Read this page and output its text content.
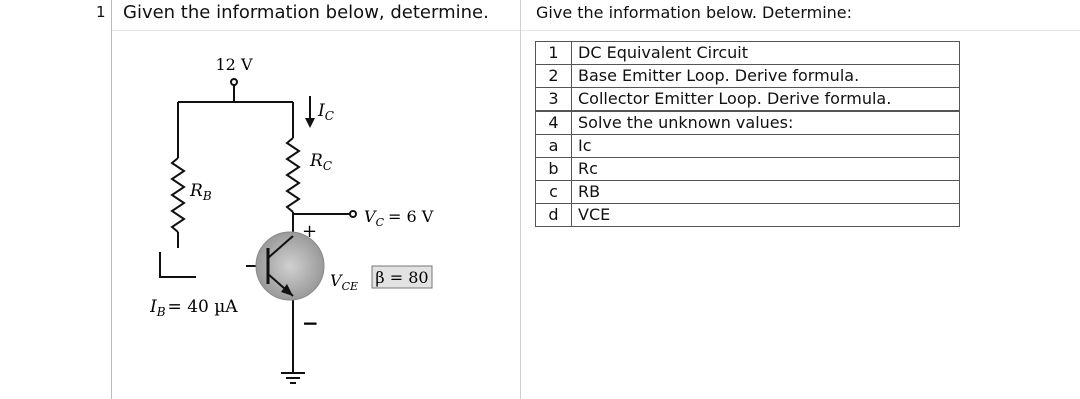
1 Given the information below, determine.	Give the information below. Determine:
1	DC Equivalent Circuit
2	Base Emitter Loop. Derive formula.
3	Collector Emitter Loop. Derive formula.
4	Solve the unknown values:
a	Ic
b	Rc
c	RB
d	VCE
12 V
$I_C$
$R_C$
$R_B$
$V_C = 6$ V
+
−
$V_{CE}$ β = 80
$I_B = 40$ µA
